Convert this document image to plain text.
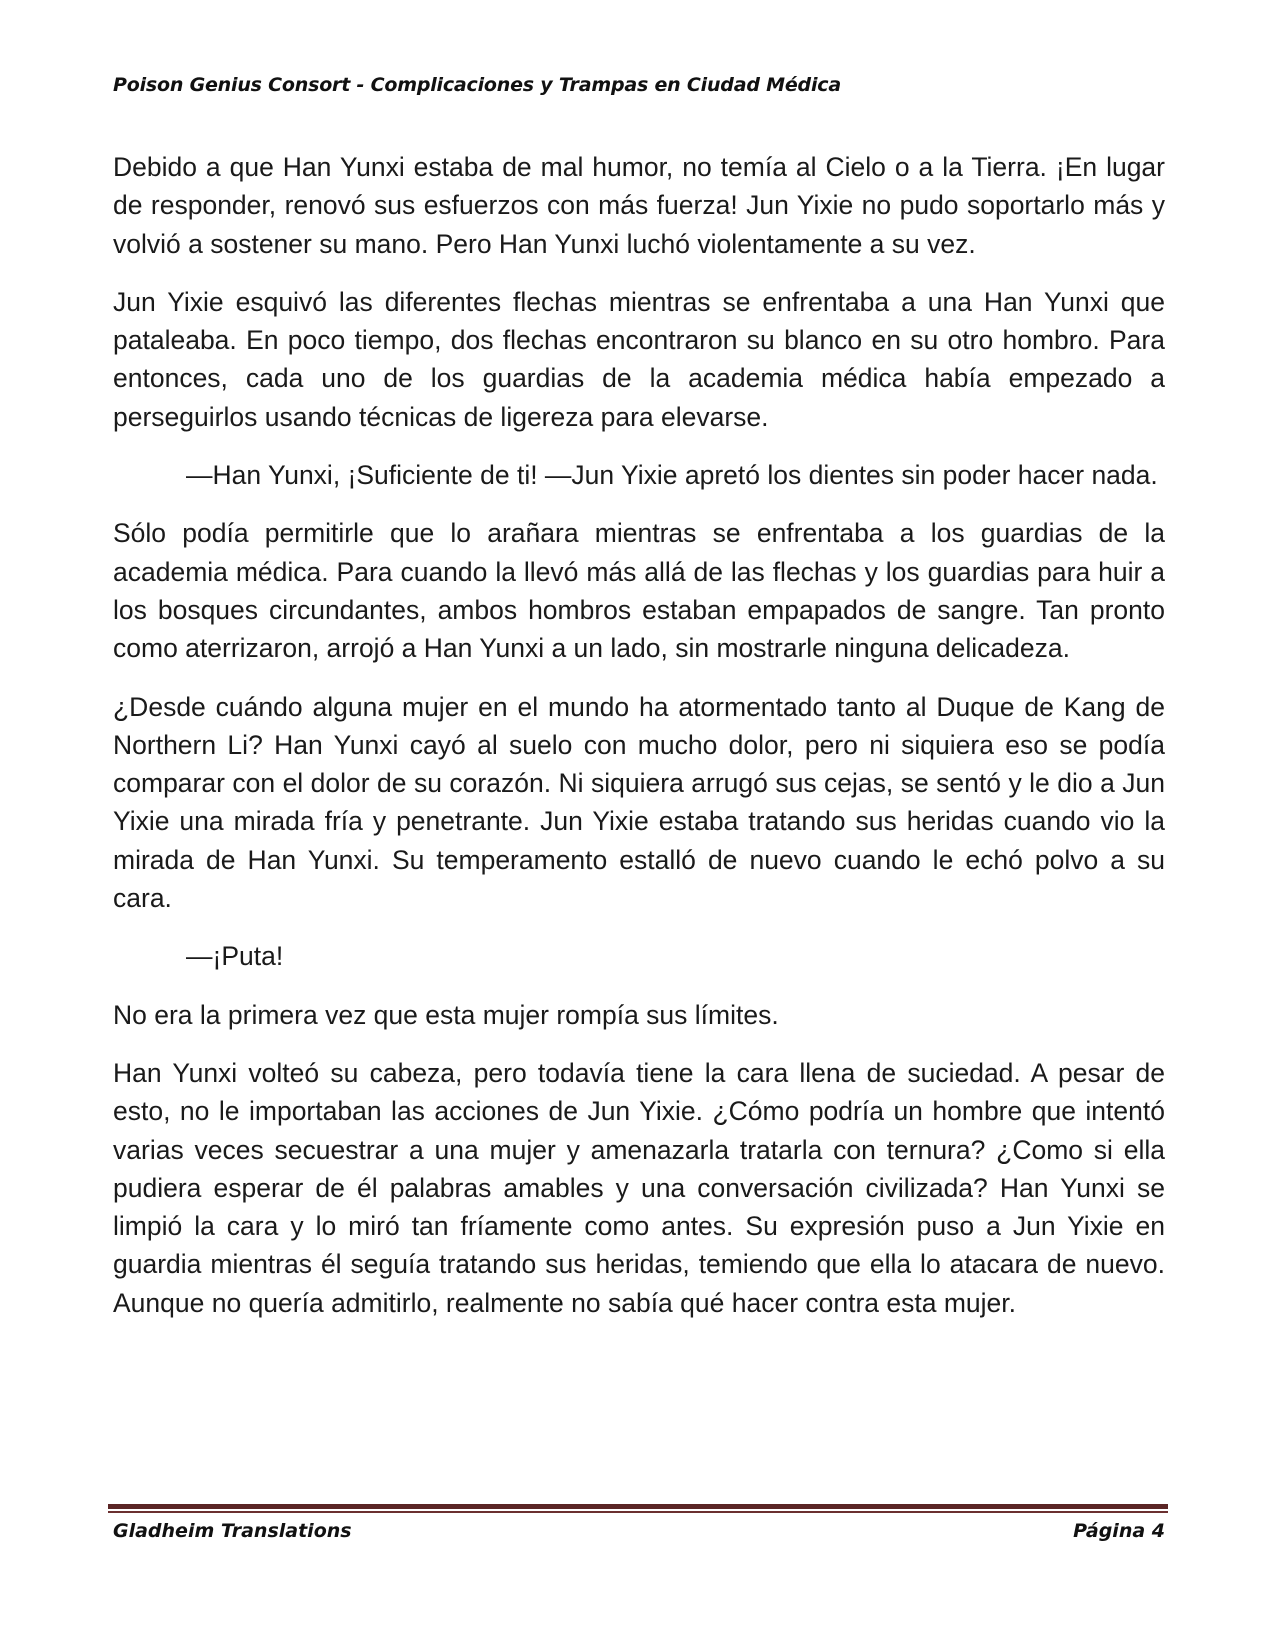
Poison Genius Consort - Complicaciones y Trampas en Ciudad Médica

Debido a que Han Yunxi estaba de mal humor, no temía al Cielo o a la Tierra. ¡En lugar de responder, renovó sus esfuerzos con más fuerza! Jun Yixie no pudo soportarlo más y volvió a sostener su mano. Pero Han Yunxi luchó violentamente a su vez.

Jun Yixie esquivó las diferentes flechas mientras se enfrentaba a una Han Yunxi que pataleaba. En poco tiempo, dos flechas encontraron su blanco en su otro hombro. Para entonces, cada uno de los guardias de la academia médica había empezado a perseguirlos usando técnicas de ligereza para elevarse.

—Han Yunxi, ¡Suficiente de ti! —Jun Yixie apretó los dientes sin poder hacer nada.

Sólo podía permitirle que lo arañara mientras se enfrentaba a los guardias de la academia médica. Para cuando la llevó más allá de las flechas y los guardias para huir a los bosques circundantes, ambos hombros estaban empapados de sangre. Tan pronto como aterrizaron, arrojó a Han Yunxi a un lado, sin mostrarle ninguna delicadeza.

¿Desde cuándo alguna mujer en el mundo ha atormentado tanto al Duque de Kang de Northern Li? Han Yunxi cayó al suelo con mucho dolor, pero ni siquiera eso se podía comparar con el dolor de su corazón. Ni siquiera arrugó sus cejas, se sentó y le dio a Jun Yixie una mirada fría y penetrante. Jun Yixie estaba tratando sus heridas cuando vio la mirada de Han Yunxi. Su temperamento estalló de nuevo cuando le echó polvo a su cara.

—¡Puta!

No era la primera vez que esta mujer rompía sus límites.

Han Yunxi volteó su cabeza, pero todavía tiene la cara llena de suciedad. A pesar de esto, no le importaban las acciones de Jun Yixie. ¿Cómo podría un hombre que intentó varias veces secuestrar a una mujer y amenazarla tratarla con ternura? ¿Como si ella pudiera esperar de él palabras amables y una conversación civilizada? Han Yunxi se limpió la cara y lo miró tan fríamente como antes. Su expresión puso a Jun Yixie en guardia mientras él seguía tratando sus heridas, temiendo que ella lo atacara de nuevo. Aunque no quería admitirlo, realmente no sabía qué hacer contra esta mujer.

Gladheim Translations	Página 4
